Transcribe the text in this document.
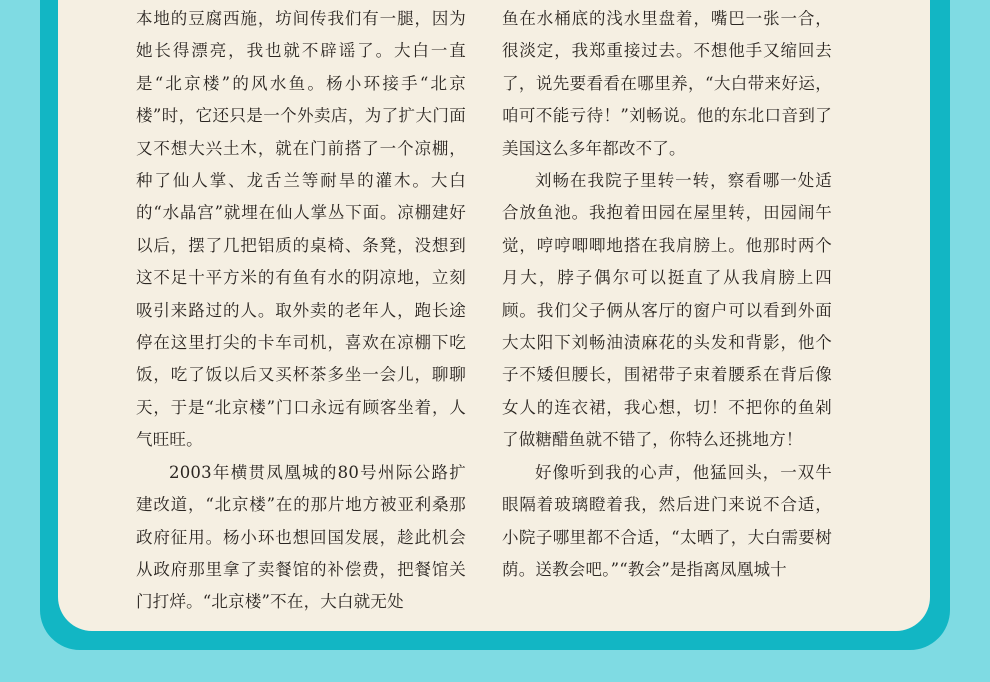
本地的豆腐西施，坊间传我们有一腿，因为她长得漂亮，我也就不辟谣了。大白一直是“北京楼”的风水鱼。杨小环接手“北京楼”时，它还只是一个外卖店，为了扩大门面又不想大兴土木，就在门前搭了一个凉棚，种了仙人掌、龙舌兰等耐旱的灌木。大白的“水晶宫”就埋在仙人掌丛下面。凉棚建好以后，摆了几把铝质的桌椅、条凳，没想到这不足十平方米的有鱼有水的阴凉地，立刻吸引来路过的人。取外卖的老年人，跑长途停在这里打尖的卡车司机，喜欢在凉棚下吃饭，吃了饭以后又买杯茶多坐一会儿，聊聊天，于是“北京楼”门口永远有顾客坐着，人气旺旺。

2003年横贯凤凰城的80号州际公路扩建改道，“北京楼”在的那片地方被亚利桑那政府征用。杨小环也想回国发展，趁此机会从政府那里拿了卖餐馆的补偿费，把餐馆关门打烊。“北京楼”不在，大白就无处

鱼在水桶底的浅水里盘着，嘴巴一张一合，很淡定，我郑重接过去。不想他手又缩回去了，说先要看看在哪里养，“大白带来好运，咱可不能亏待！”刘畅说。他的东北口音到了美国这么多年都改不了。

刘畅在我院子里转一转，察看哪一处适合放鱼池。我抱着田园在屋里转，田园闹午觉，哼哼唧唧地搭在我肩膀上。他那时两个月大，脖子偶尔可以挺直了从我肩膀上四顾。我们父子俩从客厅的窗户可以看到外面大太阳下刘畅油渍麻花的头发和背影，他个子不矮但腰长，围裙带子束着腰系在背后像女人的连衣裙，我心想，切！不把你的鱼剁了做糖醋鱼就不错了，你特么还挑地方！

好像听到我的心声，他猛回头，一双牛眼隔着玻璃瞪着我，然后进门来说不合适，小院子哪里都不合适，“太晒了，大白需要树荫。送教会吧。”“教会”是指离凤凰城十
